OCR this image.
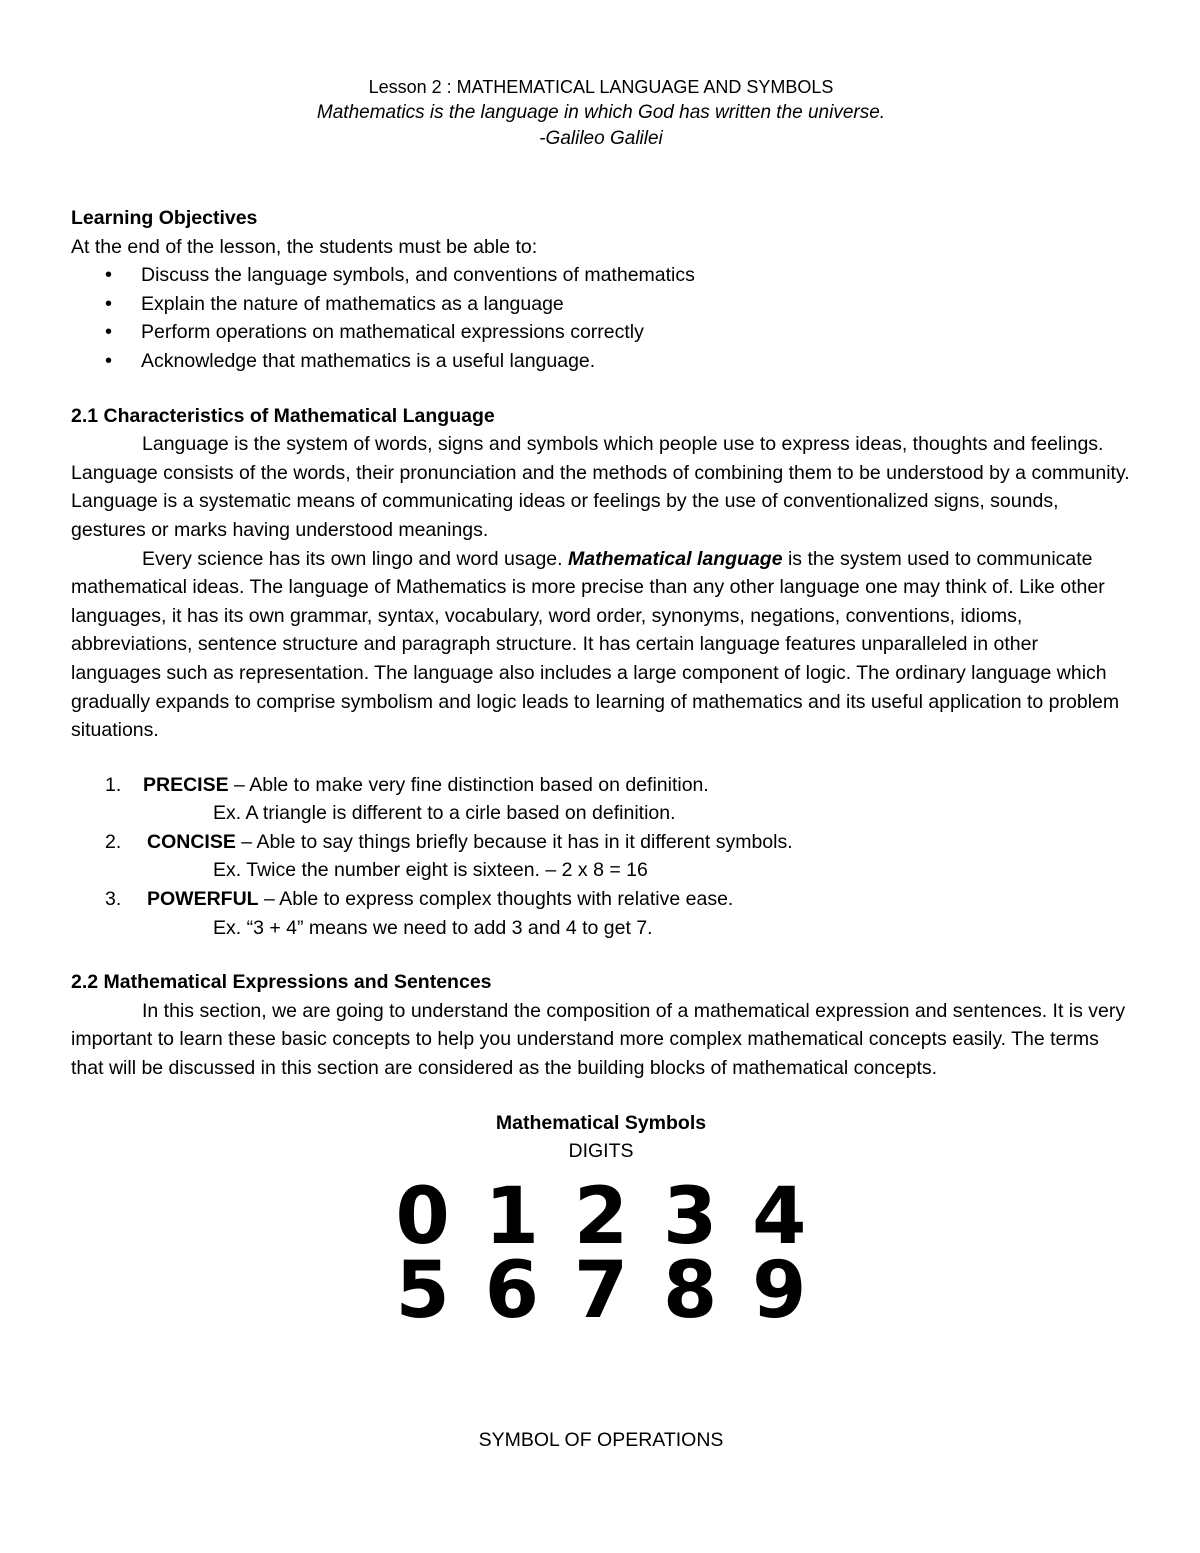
Lesson 2 : MATHEMATICAL LANGUAGE AND SYMBOLS
Mathematics is the language in which God has written the universe.
-Galileo Galilei

Learning Objectives

At the end of the lesson, the students must be able to:

• Discuss the language symbols, and conventions of mathematics
• Explain the nature of mathematics as a language
• Perform operations on mathematical expressions correctly
• Acknowledge that mathematics is a useful language.

2.1 Characteristics of Mathematical Language

Language is the system of words, signs and symbols which people use to express ideas, thoughts and feelings. Language consists of the words, their pronunciation and the methods of combining them to be understood by a community. Language is a systematic means of communicating ideas or feelings by the use of conventionalized signs, sounds, gestures or marks having understood meanings.

Every science has its own lingo and word usage. Mathematical language is the system used to communicate mathematical ideas. The language of Mathematics is more precise than any other language one may think of. Like other languages, it has its own grammar, syntax, vocabulary, word order, synonyms, negations, conventions, idioms, abbreviations, sentence structure and paragraph structure. It has certain language features unparalleled in other languages such as representation. The language also includes a large component of logic. The ordinary language which gradually expands to comprise symbolism and logic leads to learning of mathematics and its useful application to problem situations.

1. PRECISE – Able to make very fine distinction based on definition.
Ex. A triangle is different to a cirle based on definition.
2. CONCISE – Able to say things briefly because it has in it different symbols.
Ex. Twice the number eight is sixteen. – 2 x 8 = 16
3. POWERFUL – Able to express complex thoughts with relative ease.
Ex. “3 + 4” means we need to add 3 and 4 to get 7.

2.2 Mathematical Expressions and Sentences

In this section, we are going to understand the composition of a mathematical expression and sentences. It is very important to learn these basic concepts to help you understand more complex mathematical concepts easily. The terms that will be discussed in this section are considered as the building blocks of mathematical concepts.

Mathematical Symbols

DIGITS

0 1 2 3 4
5 6 7 8 9

SYMBOL OF OPERATIONS
